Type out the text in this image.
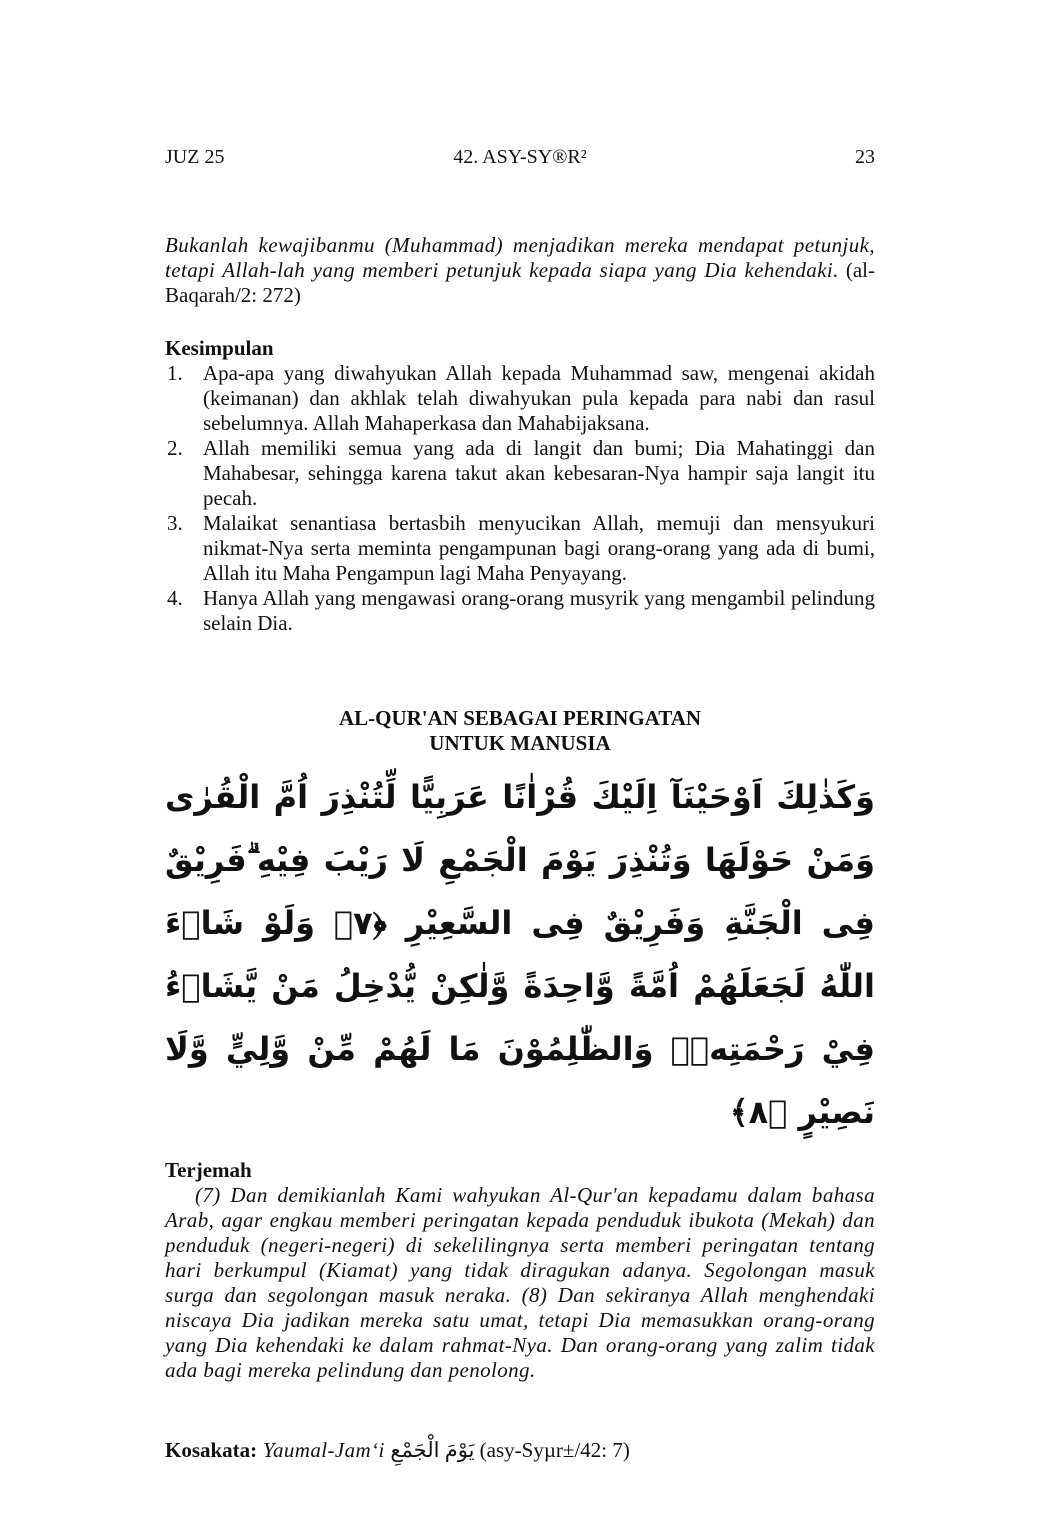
JUZ 25	42. ASY-SY®R²	23
Bukanlah kewajibanmu (Muhammad) menjadikan mereka mendapat petunjuk, tetapi Allah-lah yang memberi petunjuk kepada siapa yang Dia kehendaki. (al-Baqarah/2: 272)
Kesimpulan
1. Apa-apa yang diwahyukan Allah kepada Muhammad saw, mengenai akidah (keimanan) dan akhlak telah diwahyukan pula kepada para nabi dan rasul sebelumnya. Allah Mahaperkasa dan Mahabijaksana.
2. Allah memiliki semua yang ada di langit dan bumi; Dia Mahatinggi dan Mahabesar, sehingga karena takut akan kebesaran-Nya hampir saja langit itu pecah.
3. Malaikat senantiasa bertasbih menyucikan Allah, memuji dan mensyukuri nikmat-Nya serta meminta pengampunan bagi orang-orang yang ada di bumi, Allah itu Maha Pengampun lagi Maha Penyayang.
4. Hanya Allah yang mengawasi orang-orang musyrik yang mengambil pelindung selain Dia.
AL-QUR'AN SEBAGAI PERINGATAN
UNTUK MANUSIA
وَكَذٰلِكَ اَوْحَيْنَآ اِلَيْكَ قُرْاٰنًا عَرَبِيًّا لِّتُنْذِرَ اُمَّ الْقُرٰى وَمَنْ حَوْلَهَا وَتُنْذِرَ يَوْمَ الْجَمْعِ لَا رَيْبَ فِيْهِ ۗفَرِيْقٌ فِى الْجَنَّةِ وَفَرِيْقٌ فِى السَّعِيْرِ ﴿٧﴾ وَلَوْ شَاۤءَ اللّٰهُ لَجَعَلَهُمْ اُمَّةً وَّاحِدَةً وَّلٰكِنْ يُّدْخِلُ مَنْ يَّشَاۤءُ فِيْ رَحْمَتِهٖۗ وَالظّٰلِمُوْنَ مَا لَهُمْ مِّنْ وَّلِيٍّ وَّلَا نَصِيْرٍ ﴿٨﴾
Terjemah
(7) Dan demikianlah Kami wahyukan Al-Qur'an kepadamu dalam bahasa Arab, agar engkau memberi peringatan kepada penduduk ibukota (Mekah) dan penduduk (negeri-negeri) di sekelilingnya serta memberi peringatan tentang hari berkumpul (Kiamat) yang tidak diragukan adanya. Segolongan masuk surga dan segolongan masuk neraka. (8) Dan sekiranya Allah menghendaki niscaya Dia jadikan mereka satu umat, tetapi Dia memasukkan orang-orang yang Dia kehendaki ke dalam rahmat-Nya. Dan orang-orang yang zalim tidak ada bagi mereka pelindung dan penolong.
Kosakata: Yaumal-Jam‘i يَوْمَ الْجَمْعِ (asy-Syµr±/42: 7)
